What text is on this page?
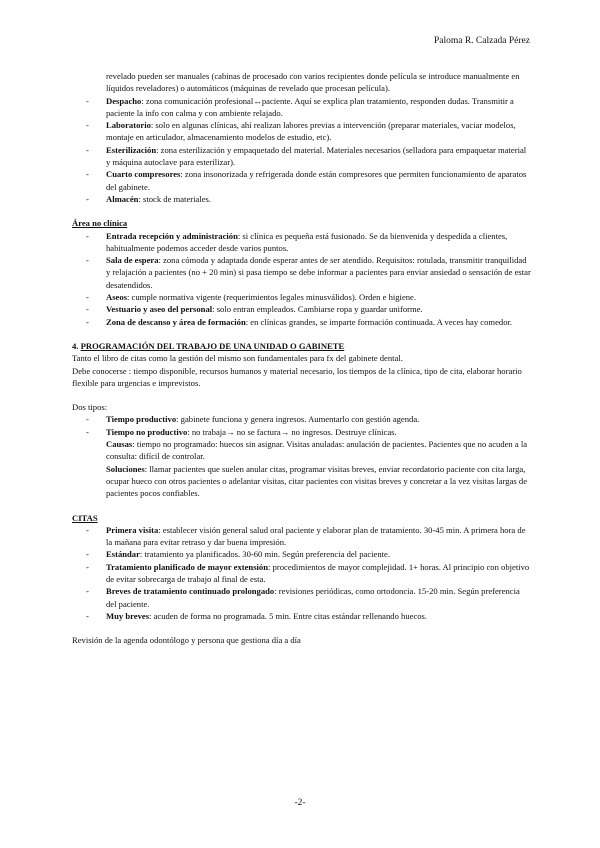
Paloma R. Calzada Pérez

revelado pueden ser manuales (cabinas de procesado con varios recipientes donde película se introduce manualmente en líquidos reveladores) o automáticos (máquinas de revelado que procesan película).

- Despacho: zona comunicación profesional↔paciente. Aquí se explica plan tratamiento, responden dudas. Transmitir a paciente la info con calma y con ambiente relajado.
- Laboratorio: solo en algunas clínicas, ahí realizan labores previas a intervención (preparar materiales, vaciar modelos, montaje en articulador, almacenamiento modelos de estudio, etc).
- Esterilización: zona esterilización y empaquetado del material. Materiales necesarios (selladora para empaquetar material y máquina autoclave para esterilizar).
- Cuarto compresores: zona insonorizada y refrigerada donde están compresores que permiten funcionamiento de aparatos del gabinete.
- Almacén: stock de materiales.

Área no clínica

- Entrada recepción y administración: si clínica es pequeña está fusionado. Se da bienvenida y despedida a clientes, habitualmente podemos acceder desde varios puntos.
- Sala de espera: zona cómoda y adaptada donde esperar antes de ser atendido. Requisitos: rotulada, transmitir tranquilidad y relajación a pacientes (no + 20 min) si pasa tiempo se debe informar a pacientes para enviar ansiedad o sensación de estar desatendidos.
- Aseos: cumple normativa vigente (requerimientos legales minusválidos). Orden e higiene.
- Vestuario y aseo del personal: solo entran empleados. Cambiarse ropa y guardar uniforme.
- Zona de descanso y área de formación: en clínicas grandes, se imparte formación continuada. A veces hay comedor.

4. PROGRAMACIÓN DEL TRABAJO DE UNA UNIDAD O GABINETE

Tanto el libro de citas como la gestión del mismo son fundamentales para fx del gabinete dental.

Debe conocerse : tiempo disponible, recursos humanos y material necesario, los tiempos de la clínica, tipo de cita, elaborar horario flexible para urgencias e imprevistos.

Dos tipos:

- Tiempo productivo: gabinete funciona y genera ingresos. Aumentarlo con gestión agenda.
- Tiempo no productivo: no trabaja→ no se factura→ no ingresos. Destruye clínicas.

Causas: tiempo no programado: huecos sin asignar. Visitas anuladas: anulación de pacientes. Pacientes que no acuden a la consulta: difícil de controlar.

Soluciones: llamar pacientes que suelen anular citas, programar visitas breves, enviar recordatorio paciente con cita larga, ocupar hueco con otros pacientes o adelantar visitas, citar pacientes con visitas breves y concretar a la vez visitas largas de pacientes pocos confiables.

CITAS

- Primera visita: establecer visión general salud oral paciente y elaborar plan de tratamiento. 30-45 min. A primera hora de la mañana para evitar retraso y dar buena impresión.
- Estándar: tratamiento ya planificados. 30-60 min. Según preferencia del paciente.
- Tratamiento planificado de mayor extensión: procedimientos de mayor complejidad. 1+ horas. Al principio con objetivo de evitar sobrecarga de trabajo al final de esta.
- Breves de tratamiento continuado prolongado: revisiones periódicas, como ortodoncia. 15-20 min. Según preferencia del paciente.
- Muy breves: acuden de forma no programada. 5 min. Entre citas estándar rellenando huecos.

Revisión de la agenda odontólogo y persona que gestiona día a día

-2-
